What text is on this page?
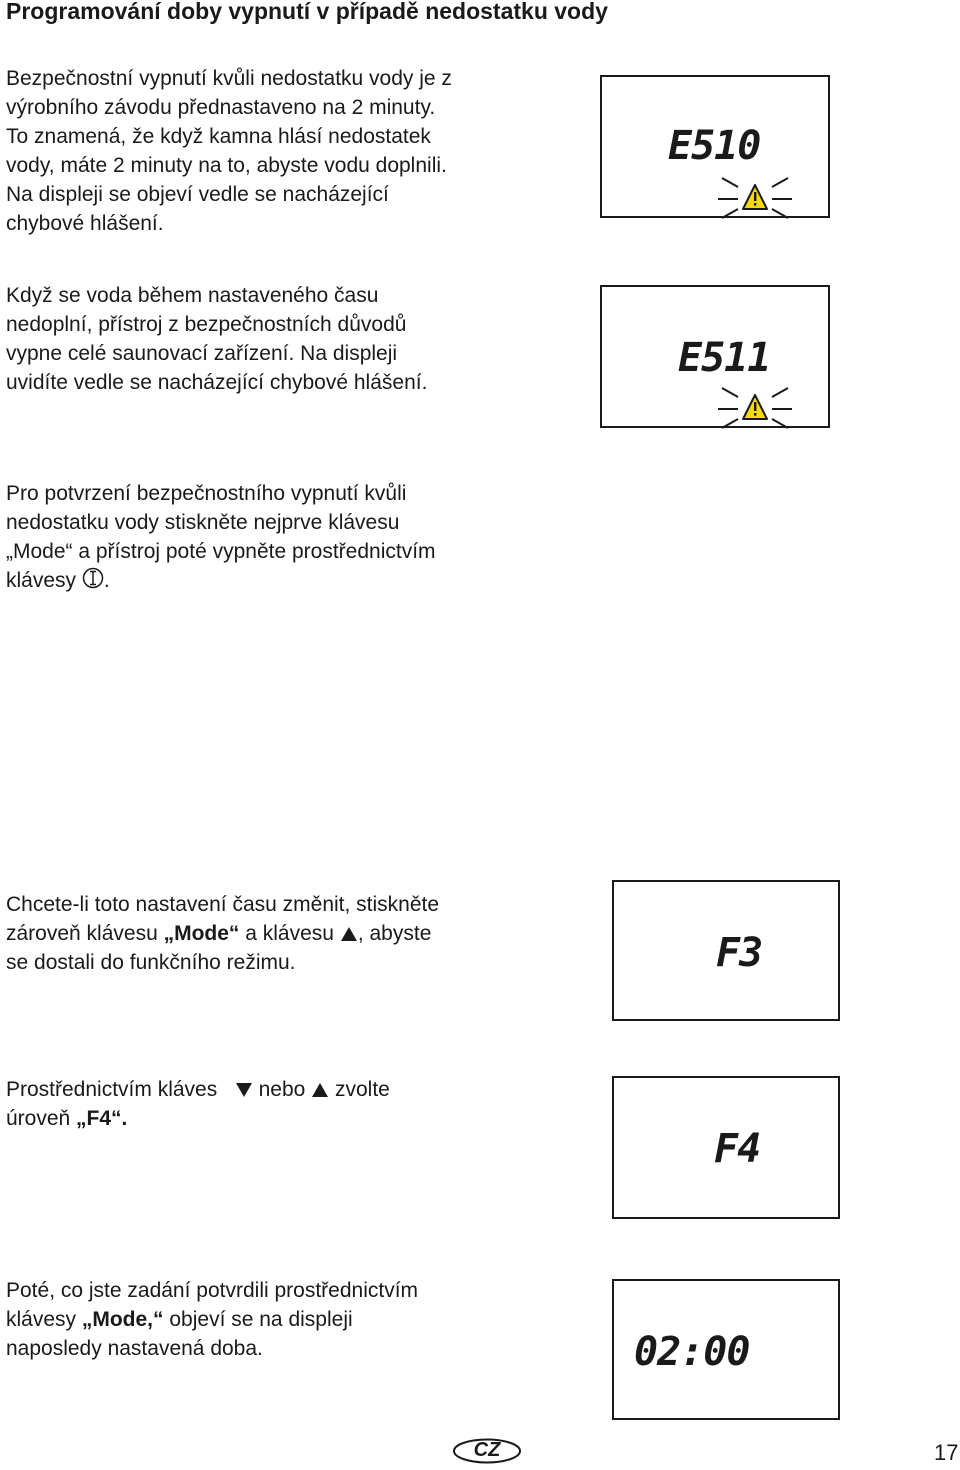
Programování doby vypnutí v případě nedostatku vody

Bezpečnostní vypnutí kvůli nedostatku vody je z výrobního závodu přednastaveno na 2 minuty. To znamená, že když kamna hlásí nedostatek vody, máte 2 minuty na to, abyste vodu doplnili. Na displeji se objeví vedle se nacházející chybové hlášení.

E510

Když se voda během nastaveného času nedoplní, přístroj z bezpečnostních důvodů vypne celé saunovací zařízení. Na displeji uvidíte vedle se nacházející chybové hlášení.

E511

Pro potvrzení bezpečnostního vypnutí kvůli nedostatku vody stiskněte nejprve klávesu „Mode“ a přístroj poté vypněte prostřednictvím klávesy .

Chcete-li toto nastavení času změnit, stiskněte zároveň klávesu „Mode“ a klávesu , abyste se dostali do funkčního režimu.	F3

Prostřednictvím kláves nebo zvolte úroveň „F4“.

F4

Poté, co jste zadání potvrdili prostřednictvím klávesy „Mode,“ objeví se na displeji naposledy nastavená doba.	02:00
CZ	17
